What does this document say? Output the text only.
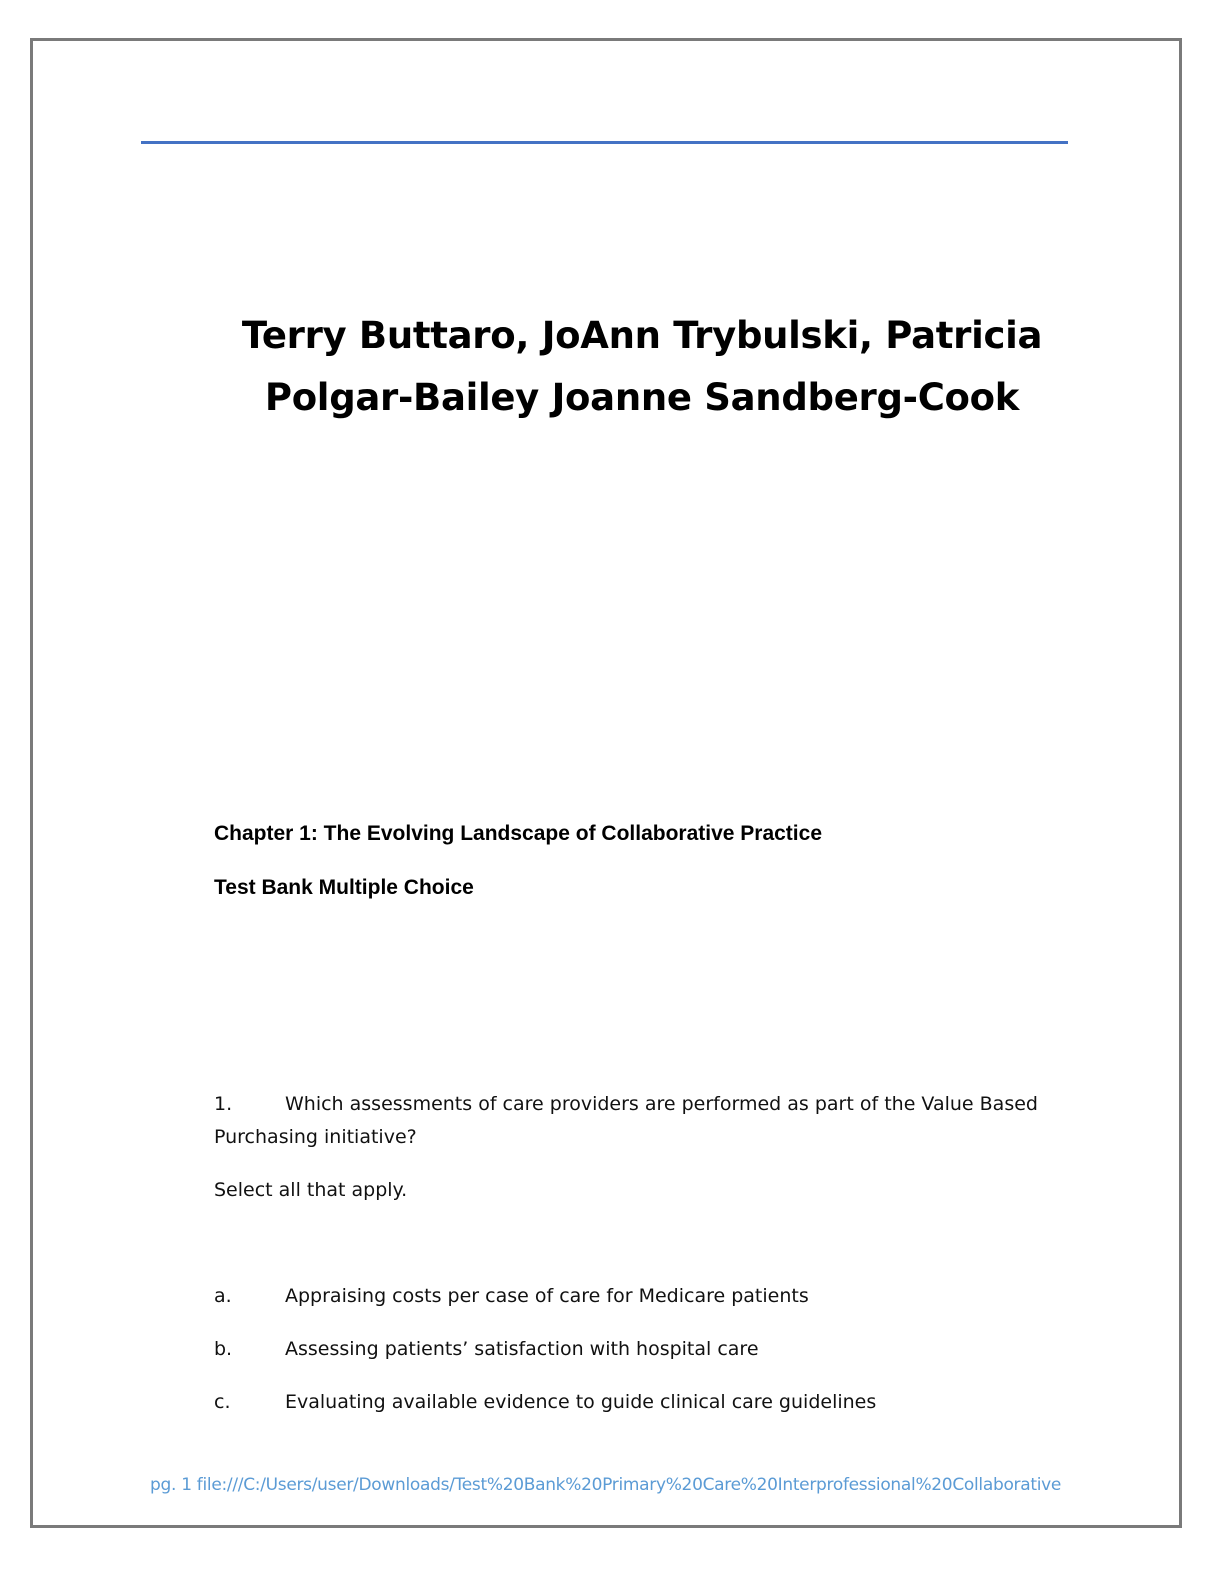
Terry Buttaro, JoAnn Trybulski, Patricia
Polgar-Bailey Joanne Sandberg-Cook
Chapter 1: The Evolving Landscape of Collaborative Practice
Test Bank Multiple Choice
1.	Which assessments of care providers are performed as part of the Value Based Purchasing initiative?
Select all that apply.
a.	Appraising costs per case of care for Medicare patients
b.	Assessing patients’ satisfaction with hospital care
c.	Evaluating available evidence to guide clinical care guidelines
pg. 1 file:///C:/Users/user/Downloads/Test%20Bank%20Primary%20Care%20Interprofessional%20Collaborative
